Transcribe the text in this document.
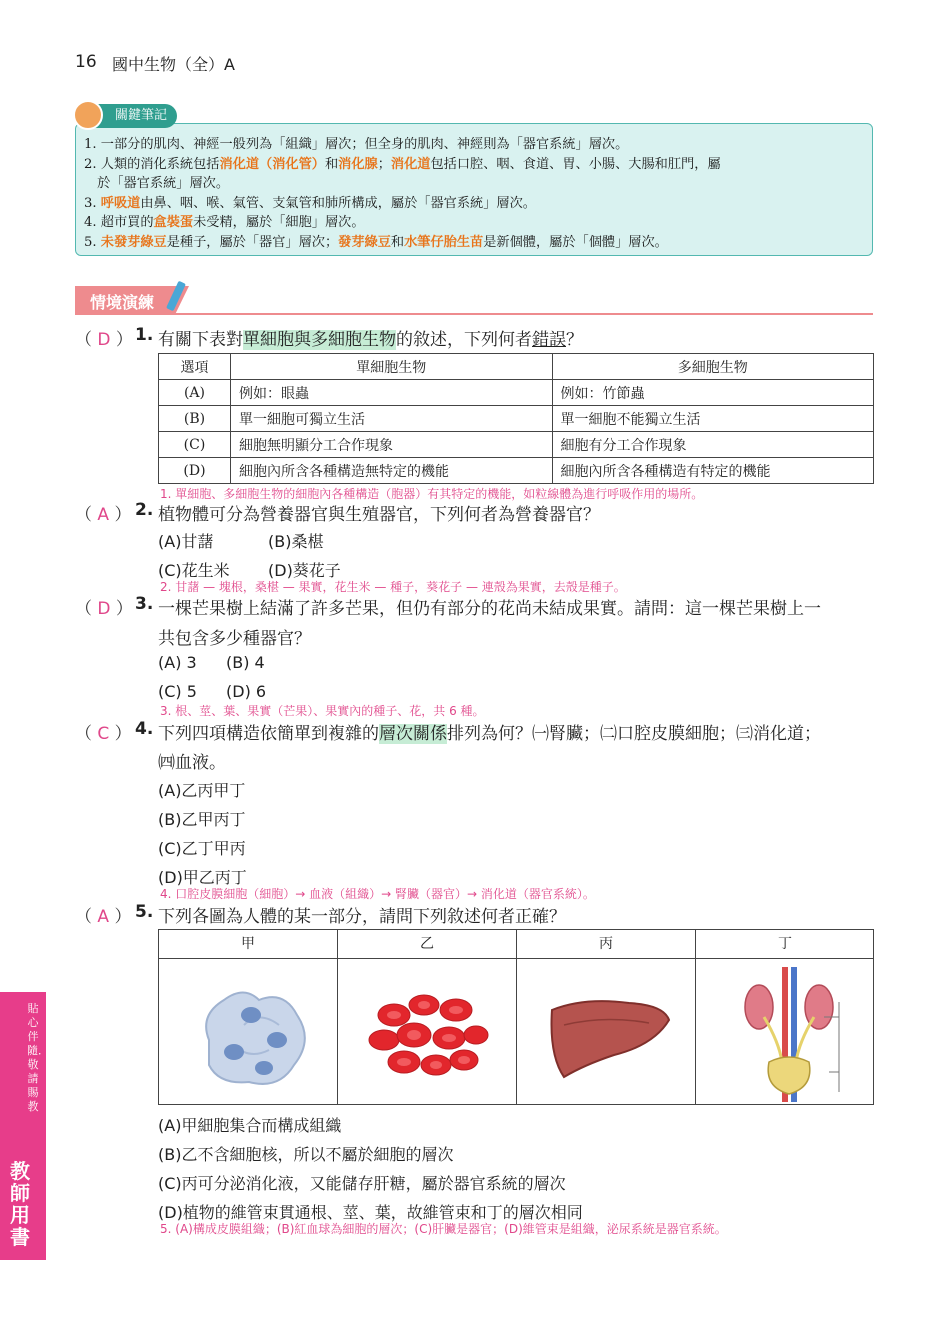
16 國中生物（全）A
關鍵筆記
1. 一部分的肌肉、神經一般列為「組織」層次；但全身的肌肉、神經則為「器官系統」層次。
2. 人類的消化系統包括消化道（消化管）和消化腺；消化道包括口腔、咽、食道、胃、小腸、大腸和肛門，屬
　於「器官系統」層次。
3. 呼吸道由鼻、咽、喉、氣管、支氣管和肺所構成，屬於「器官系統」層次。
4. 超市買的盒裝蛋未受精，屬於「細胞」層次。
5. 未發芽綠豆是種子，屬於「器官」層次；發芽綠豆和水筆仔胎生苗是新個體，屬於「個體」層次。
情境演練
（ D ） 1. 有關下表對單細胞與多細胞生物的敘述，下列何者錯誤？
選項	單細胞生物	多細胞生物
(A)	例如：眼蟲	例如：竹節蟲
(B)	單一細胞可獨立生活	單一細胞不能獨立生活
(C)	細胞無明顯分工合作現象	細胞有分工合作現象
(D)	細胞內所含各種構造無特定的機能	細胞內所含各種構造有特定的機能
1. 單細胞、多細胞生物的細胞內各種構造（胞器）有其特定的機能，如粒線體為進行呼吸作用的場所。
（ A ） 2. 植物體可分為營養器官與生殖器官，下列何者為營養器官？
(A)甘藷	(B)桑椹
(C)花生米 (D)葵花子
2. 甘藷 — 塊根，桑椹 — 果實，花生米 — 種子，葵花子 — 連殼為果實，去殼是種子。
（ D ） 3. 一棵芒果樹上結滿了許多芒果，但仍有部分的花尚未結成果實。請問：這一棵芒果樹上一
共包含多少種器官？
(A) 3 (B) 4
(C) 5 (D) 6
3. 根、莖、葉、果實（芒果）、果實內的種子、花，共 6 種。
（ C ） 4. 下列四項構造依簡單到複雜的層次關係排列為何？㈠腎臟；㈡口腔皮膜細胞；㈢消化道；
㈣血液。
(A)乙丙甲丁
(B)乙甲丙丁
(C)乙丁甲丙
(D)甲乙丙丁
4. 口腔皮膜細胞（細胞）→ 血液（組織）→ 腎臟（器官）→ 消化道（器官系統）。
（ A ） 5. 下列各圖為人體的某一部分，請問下列敘述何者正確？
甲	乙	丙	丁
(A)甲細胞集合而構成組織
(B)乙不含細胞核，所以不屬於細胞的層次
(C)丙可分泌消化液，又能儲存肝糖，屬於器官系統的層次
(D)植物的維管束貫通根、莖、葉，故維管束和丁的層次相同
5. (A)構成皮膜組織；(B)紅血球為細胞的層次；(C)肝臟是器官；(D)維管束是組織，泌尿系統是器官系統。
貼心伴隨．敬請賜教
教師用書
